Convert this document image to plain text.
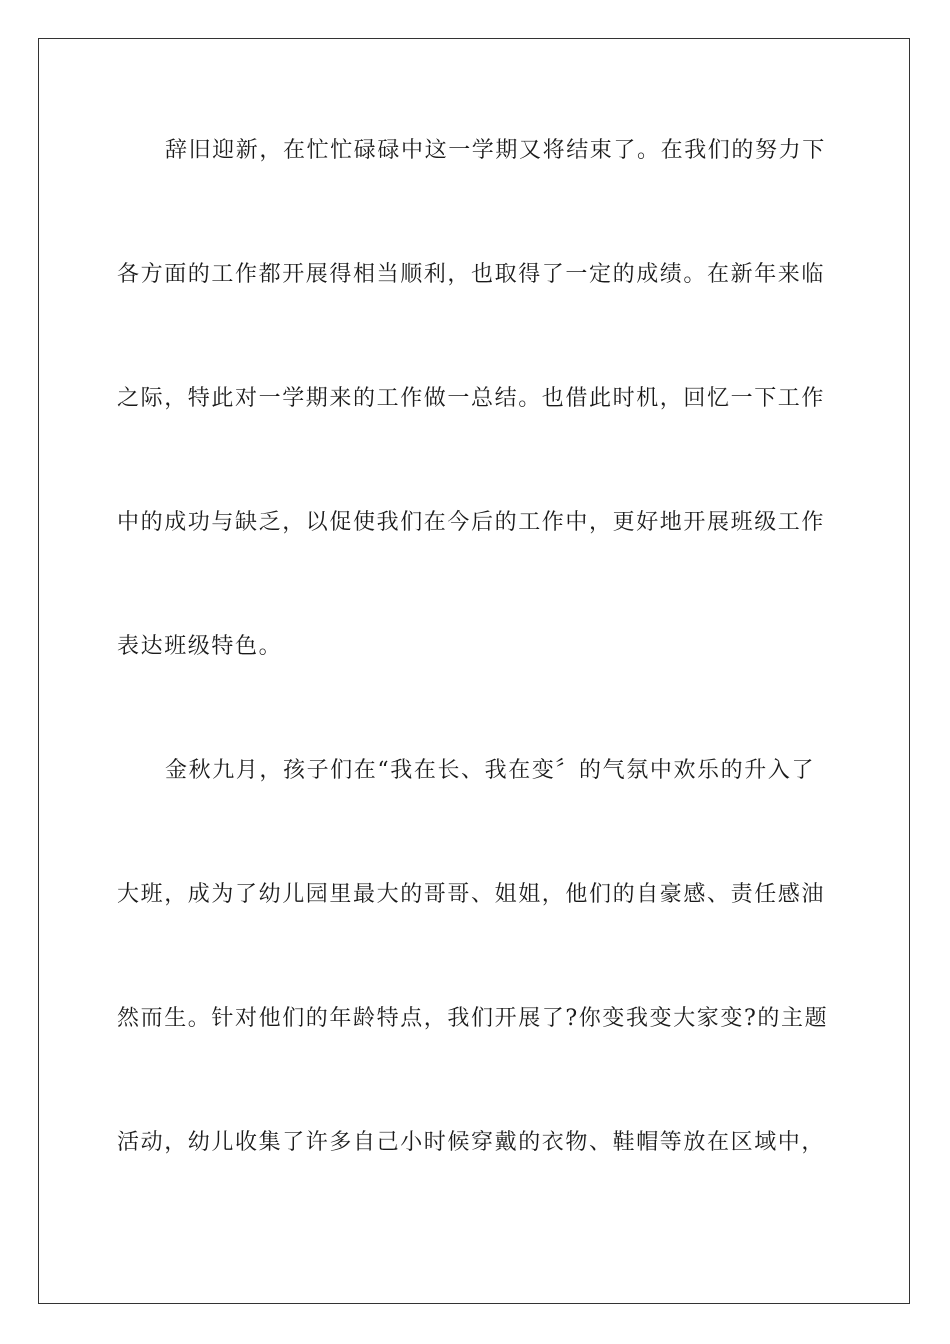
辞旧迎新，在忙忙碌碌中这一学期又将结束了。在我们的努力下
各方面的工作都开展得相当顺利，也取得了一定的成绩。在新年来临
之际，特此对一学期来的工作做一总结。也借此时机，回忆一下工作
中的成功与缺乏，以促使我们在今后的工作中，更好地开展班级工作
表达班级特色。
金秋九月，孩子们在“我在长、我在变〞的气氛中欢乐的升入了
大班，成为了幼儿园里最大的哥哥、姐姐，他们的自豪感、责任感油
然而生。针对他们的年龄特点，我们开展了?你变我变大家变?的主题
活动，幼儿收集了许多自己小时候穿戴的衣物、鞋帽等放在区域中，
